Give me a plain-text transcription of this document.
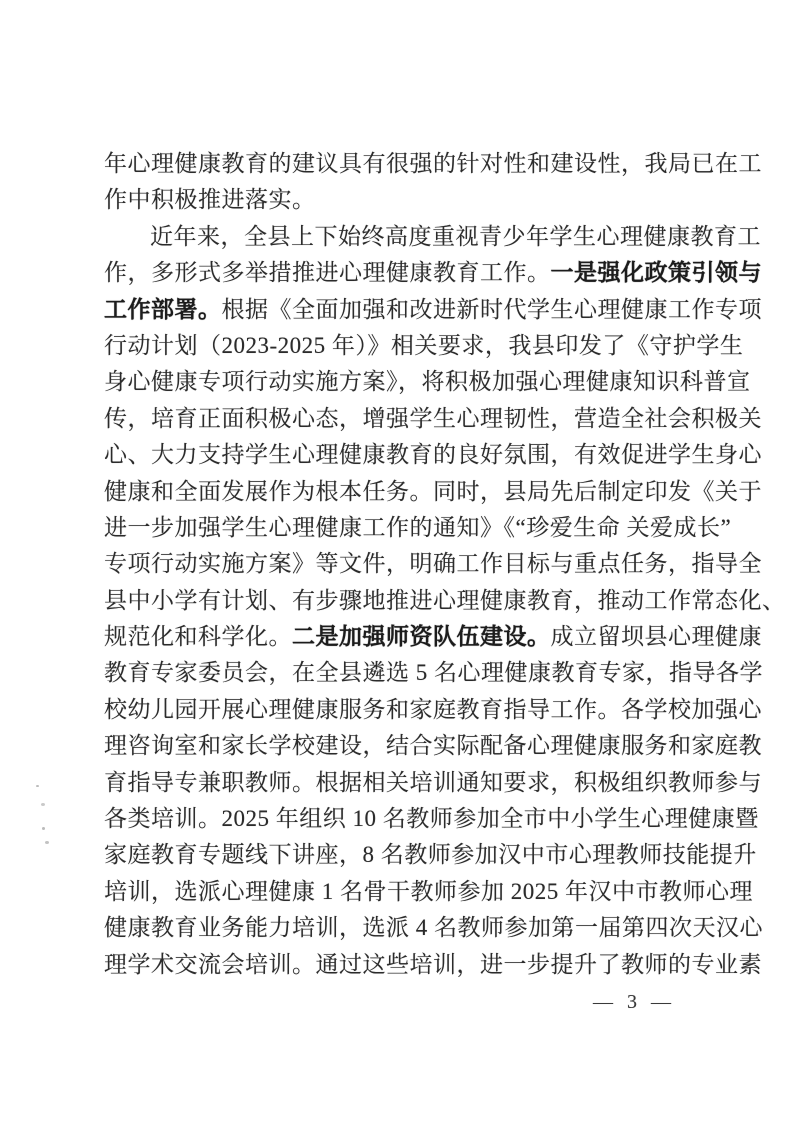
年心理健康教育的建议具有很强的针对性和建设性，我局已在工
作中积极推进落实。
近年来，全县上下始终高度重视青少年学生心理健康教育工
作，多形式多举措推进心理健康教育工作。一是强化政策引领与
工作部署。根据《全面加强和改进新时代学生心理健康工作专项
行动计划（2023-2025 年）》相关要求，我县印发了《守护学生
身心健康专项行动实施方案》，将积极加强心理健康知识科普宣
传，培育正面积极心态，增强学生心理韧性，营造全社会积极关
心、大力支持学生心理健康教育的良好氛围，有效促进学生身心
健康和全面发展作为根本任务。同时，县局先后制定印发《关于
进一步加强学生心理健康工作的通知》《“珍爱生命 关爱成长”
专项行动实施方案》等文件，明确工作目标与重点任务，指导全
县中小学有计划、有步骤地推进心理健康教育，推动工作常态化、
规范化和科学化。二是加强师资队伍建设。成立留坝县心理健康
教育专家委员会，在全县遴选 5 名心理健康教育专家，指导各学
校幼儿园开展心理健康服务和家庭教育指导工作。各学校加强心
理咨询室和家长学校建设，结合实际配备心理健康服务和家庭教
育指导专兼职教师。根据相关培训通知要求，积极组织教师参与
各类培训。2025 年组织 10 名教师参加全市中小学生心理健康暨
家庭教育专题线下讲座，8 名教师参加汉中市心理教师技能提升
培训，选派心理健康 1 名骨干教师参加 2025 年汉中市教师心理
健康教育业务能力培训，选派 4 名教师参加第一届第四次天汉心
理学术交流会培训。通过这些培训，进一步提升了教师的专业素
— 3 —
